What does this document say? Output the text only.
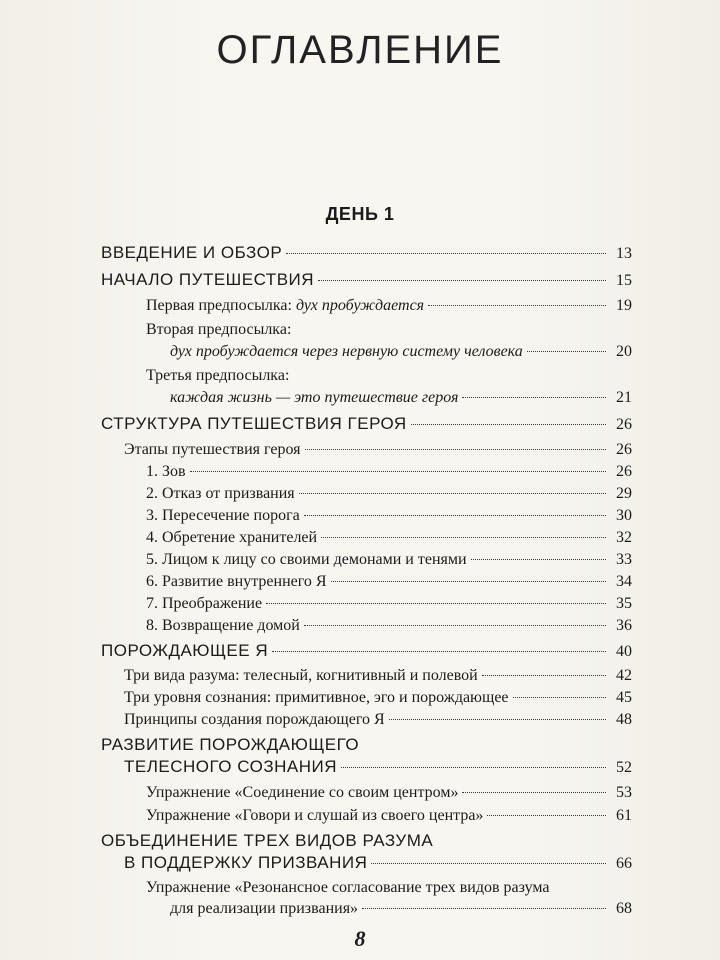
ОГЛАВЛЕНИЕ
ДЕНЬ 1
ВВЕДЕНИЕ И ОБЗОР	13
НАЧАЛО ПУТЕШЕСТВИЯ	15
Первая предпосылка: дух пробуждается	19
Вторая предпосылка:
дух пробуждается через нервную систему человека	20
Третья предпосылка:
каждая жизнь — это путешествие героя	21
СТРУКТУРА ПУТЕШЕСТВИЯ ГЕРОЯ	26
Этапы путешествия героя	26
1. Зов	26
2. Отказ от призвания	29
3. Пересечение порога	30
4. Обретение хранителей	32
5. Лицом к лицу со своими демонами и тенями	33
6. Развитие внутреннего Я	34
7. Преображение	35
8. Возвращение домой	36
ПОРОЖДАЮЩЕЕ Я	40
Три вида разума: телесный, когнитивный и полевой	42
Три уровня сознания: примитивное, эго и порождающее	45
Принципы создания порождающего Я	48
РАЗВИТИЕ ПОРОЖДАЮЩЕГО
ТЕЛЕСНОГО СОЗНАНИЯ	52
Упражнение «Соединение со своим центром»	53
Упражнение «Говори и слушай из своего центра»	61
ОБЪЕДИНЕНИЕ ТРЕХ ВИДОВ РАЗУМА
В ПОДДЕРЖКУ ПРИЗВАНИЯ	66
Упражнение «Резонансное согласование трех видов разума
для реализации призвания»	68
8
